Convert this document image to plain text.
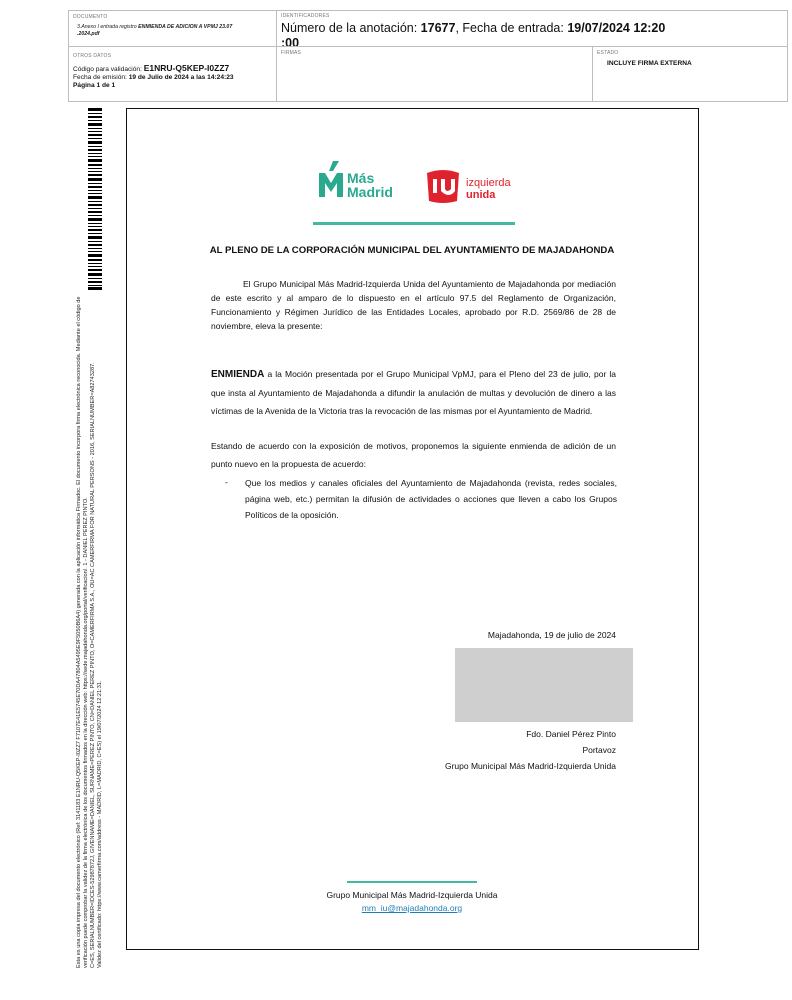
DOCUMENTO
3.Anexo I entrada registro ENMIENDA DE ADICION A VPMJ 23.07
.2024.pdf
IDENTIFICADORES
Número de la anotación: 17677, Fecha de entrada: 19/07/2024 12:20
:00
OTROS DATOS
Código para validación: E1NRU-Q5KEP-I0ZZ7
Fecha de emisión: 19 de Julio de 2024 a las 14:24:23
Página 1 de 1
FIRMAS	ESTADO
INCLUYE FIRMA EXTERNA
Esta es una copia impresa del documento electrónico (Ref: 3141183 E1NRU-Q5KEP-I0ZZ7 F7107E41E5745E70DA47804A5495E9F5050B6A4) generada con la aplicación informática Firmadoc. El documento incorpora firma electrónica reconocida. Mediante el código de verificación puede comprobar la validez de la firma electrónica de los documentos firmados en la dirección web: https://sede.majadahonda.org/portal/verificacion/. 1 - DANIEL PEREZ PINTO. C=ES, SERIALNUMBER=IDCES-52987872J, GIVENNAME=DANIEL, SURNAME=PEREZ PINTO, CN=DANIEL PEREZ PINTO, O=CAMERFIRMA S.A., OU=AC CAMERFIRMA FOR NATURAL PERSONS - 2016, SERIALNUMBER=A82743287. Validez del certificado: https://www.camerfirma.com/address - MADRID, L=MADRID, C=ES) el 19/07/2024 12:21:31.
Más
Madrid
izquierda
unida
AL PLENO DE LA CORPORACIÓN MUNICIPAL DEL AYUNTAMIENTO DE MAJADAHONDA
El Grupo Municipal Más Madrid-Izquierda Unida del Ayuntamiento de Majadahonda por mediación de este escrito y al amparo de lo dispuesto en el artículo 97.5 del Reglamento de Organización, Funcionamiento y Régimen Jurídico de las Entidades Locales, aprobado por R.D. 2569/86 de 28 de noviembre, eleva la presente:
ENMIENDA a la Moción presentada por el Grupo Municipal VpMJ, para el Pleno del 23 de julio, por la que insta al Ayuntamiento de Majadahonda a difundir la anulación de multas y devolución de dinero a las víctimas de la Avenida de la Victoria tras la revocación de las mismas por el Ayuntamiento de Madrid.
Estando de acuerdo con la exposición de motivos, proponemos la siguiente enmienda de adición de un punto nuevo en la propuesta de acuerdo:
- Que los medios y canales oficiales del Ayuntamiento de Majadahonda (revista, redes sociales, página web, etc.) permitan la difusión de actividades o acciones que lleven a cabo los Grupos Políticos de la oposición.
Majadahonda, 19 de julio de 2024
Fdo. Daniel Pérez Pinto
Portavoz
Grupo Municipal Más Madrid-Izquierda Unida
Grupo Municipal Más Madrid-Izquierda Unida
mm_iu@majadahonda.org
